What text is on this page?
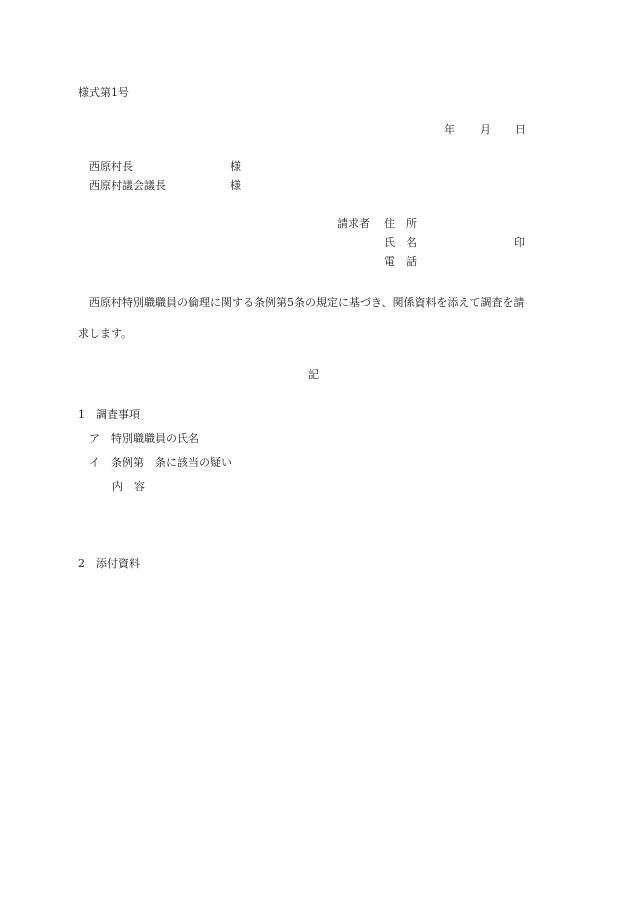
様式第1号
年 月 日
西原村長	様
西原村議会議長	様
請求者 住　所
氏　名	印
電　話
西原村特別職職員の倫理に関する条例第5条の規定に基づき、関係資料を添えて調査を請
求します。
記
1　調査事項
ア　特別職職員の氏名
イ　条例第　条に該当の疑い
内　容
2　添付資料
